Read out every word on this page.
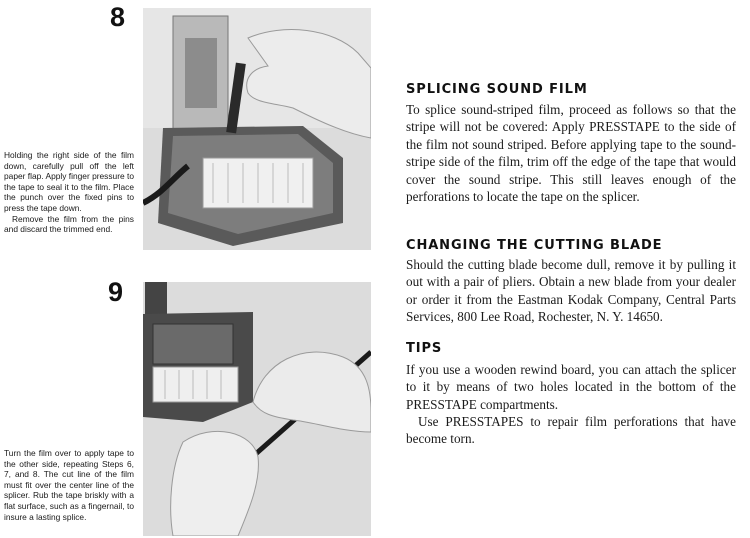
8

Holding the right side of the film down, carefully pull off the left paper flap. Apply finger pressure to the tape to seal it to the film. Place the punch over the fixed pins to press the tape down.

Remove the film from the pins and discard the trimmed end.

9

Turn the film over to apply tape to the other side, repeating Steps 6, 7, and 8. The cut line of the film must fit over the center line of the splicer. Rub the tape briskly with a flat surface, such as a fingernail, to insure a lasting splice.

SPLICING SOUND FILM

To splice sound-striped film, proceed as follows so that the stripe will not be covered: Apply PRESSTAPE to the side of the film not sound striped. Before applying tape to the sound-stripe side of the film, trim off the edge of the tape that would cover the sound stripe. This still leaves enough of the perforations to locate the tape on the splicer.

CHANGING THE CUTTING BLADE

Should the cutting blade become dull, remove it by pulling it out with a pair of pliers. Obtain a new blade from your dealer or order it from the Eastman Kodak Company, Central Parts Services, 800 Lee Road, Rochester, N. Y. 14650.

TIPS

If you use a wooden rewind board, you can attach the splicer to it by means of two holes located in the bottom of the PRESSTAPE compartments.

Use PRESSTAPES to repair film perforations that have become torn.
